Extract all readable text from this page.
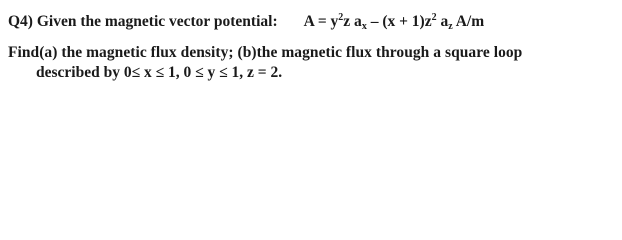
Q4) Given the magnetic vector potential: $A = y^2z$ $a_x - (x + 1)z^2$ $a_z$ A/m
Find(a) the magnetic flux density; (b)the magnetic flux through a square loop
described by 0≤ x ≤ 1, 0 ≤ y ≤ 1, z = 2.
